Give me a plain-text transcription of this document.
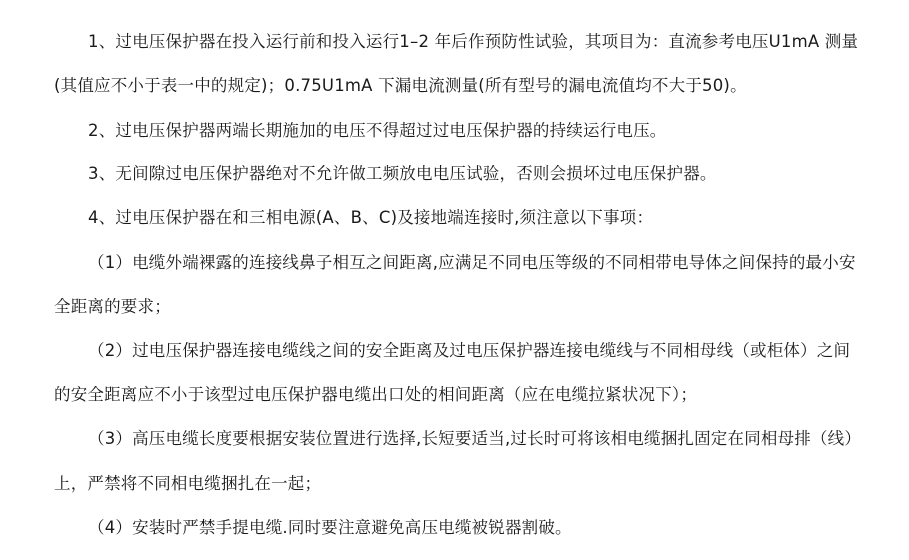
1、过电压保护器在投入运行前和投入运行1–2 年后作预防性试验，其项目为：直流参考电压U1mA 测量
(其值应不小于表一中的规定)；0.75U1mA 下漏电流测量(所有型号的漏电流值均不大于50)。
2、过电压保护器两端长期施加的电压不得超过过电压保护器的持续运行电压。
3、无间隙过电压保护器绝对不允许做工频放电电压试验，否则会损坏过电压保护器。
4、过电压保护器在和三相电源(A、B、C)及接地端连接时,须注意以下事项：
（1）电缆外端裸露的连接线鼻子相互之间距离,应满足不同电压等级的不同相带电导体之间保持的最小安
全距离的要求；
（2）过电压保护器连接电缆线之间的安全距离及过电压保护器连接电缆线与不同相母线（或柜体）之间
的安全距离应不小于该型过电压保护器电缆出口处的相间距离（应在电缆拉紧状况下）；
（3）高压电缆长度要根据安装位置进行选择,长短要适当,过长时可将该相电缆捆扎固定在同相母排（线）
上，严禁将不同相电缆捆扎在一起；
（4）安装时严禁手提电缆.同时要注意避免高压电缆被锐器割破。
